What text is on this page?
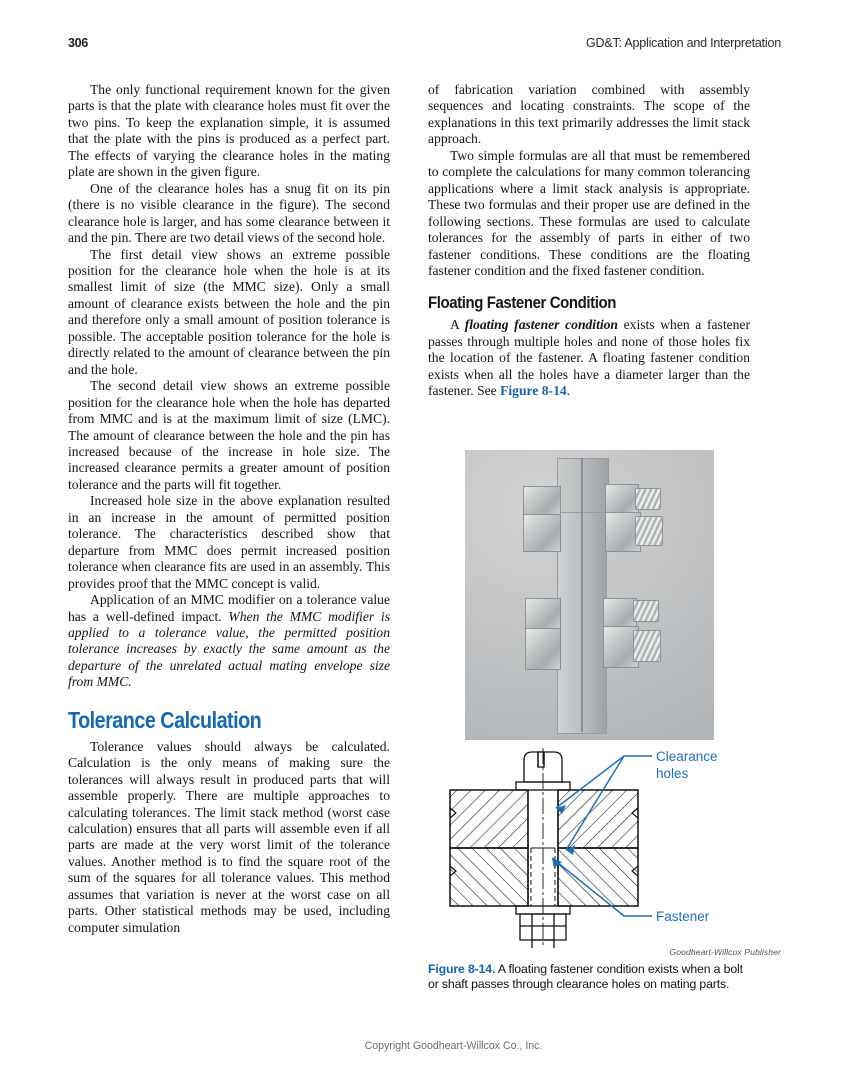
306	GD&T: Application and Interpretation

The only functional requirement known for the given parts is that the plate with clearance holes must fit over the two pins. To keep the explanation simple, it is assumed that the plate with the pins is produced as a perfect part. The effects of varying the clearance holes in the mating plate are shown in the given figure.

One of the clearance holes has a snug fit on its pin (there is no visible clearance in the figure). The second clearance hole is larger, and has some clearance between it and the pin. There are two detail views of the second hole.

The first detail view shows an extreme possible position for the clearance hole when the hole is at its smallest limit of size (the MMC size). Only a small amount of clearance exists between the hole and the pin and therefore only a small amount of position tolerance is possible. The acceptable position tolerance for the hole is directly related to the amount of clearance between the pin and the hole.

The second detail view shows an extreme possible position for the clearance hole when the hole has departed from MMC and is at the maximum limit of size (LMC). The amount of clearance between the hole and the pin has increased because of the increase in hole size. The increased clearance permits a greater amount of position tolerance and the parts will fit together.

Increased hole size in the above explanation resulted in an increase in the amount of permitted position tolerance. The characteristics described show that departure from MMC does permit increased position tolerance when clearance fits are used in an assembly. This provides proof that the MMC concept is valid.

Application of an MMC modifier on a tolerance value has a well-defined impact. When the MMC modifier is applied to a tolerance value, the permitted position tolerance increases by exactly the same amount as the departure of the unrelated actual mating envelope size from MMC.

Tolerance Calculation

Tolerance values should always be calculated. Calculation is the only means of making sure the tolerances will always result in produced parts that will assemble properly. There are multiple approaches to calculating tolerances. The limit stack method (worst case calculation) ensures that all parts will assemble even if all parts are made at the very worst limit of the tolerance values. Another method is to find the square root of the sum of the squares for all tolerance values. This method assumes that variation is never at the worst case on all parts. Other statistical methods may be used, including computer simulation

of fabrication variation combined with assembly sequences and locating constraints. The scope of the explanations in this text primarily addresses the limit stack approach.

Two simple formulas are all that must be remembered to complete the calculations for many common tolerancing applications where a limit stack analysis is appropriate. These two formulas and their proper use are defined in the following sections. These formulas are used to calculate tolerances for the assembly of parts in either of two fastener conditions. These conditions are the floating fastener condition and the fixed fastener condition.

Floating Fastener Condition

A floating fastener condition exists when a fastener passes through multiple holes and none of those holes fix the location of the fastener. A floating fastener condition exists when all the holes have a diameter larger than the fastener. See Figure 8-14.

Clearance
holes
Fastener
Goodheart-Willcox Publisher
Figure 8-14. A floating fastener condition exists when a bolt or shaft passes through clearance holes on mating parts.
Copyright Goodheart-Willcox Co., Inc.
